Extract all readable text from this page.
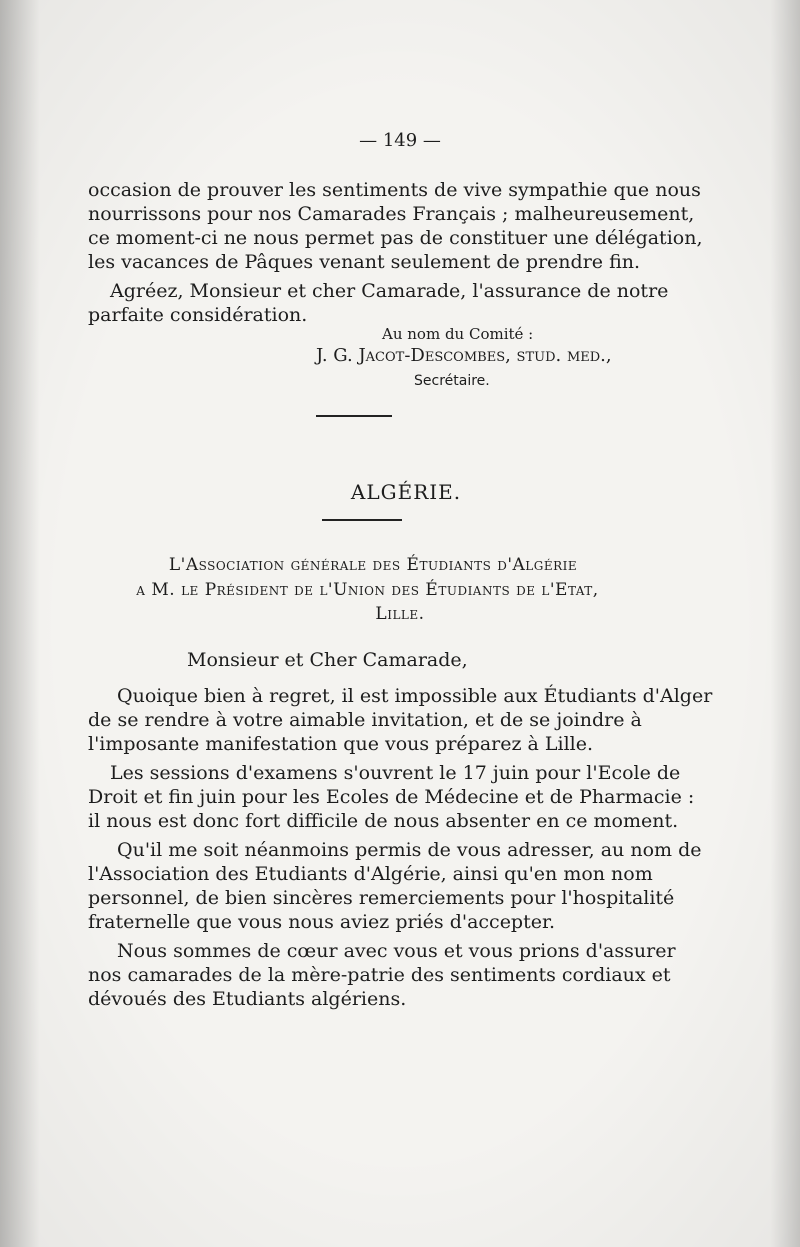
— 149 —
occasion de prouver les sentiments de vive sympathie que nous
nourrissons pour nos Camarades Français ; malheureusement,
ce moment-ci ne nous permet pas de constituer une délégation,
les vacances de Pâques venant seulement de prendre fin.
Agréez, Monsieur et cher Camarade, l'assurance de notre
parfaite considération.
Au nom du Comité :
J. G. Jacot-Descombes, stud. med.,
Secrétaire.
ALGÉRIE.
L'Association générale des Étudiants d'Algérie
a M. le Président de l'Union des Étudiants de l'Etat,
Lille.
Monsieur et Cher Camarade,
Quoique bien à regret, il est impossible aux Étudiants d'Alger
de se rendre à votre aimable invitation, et de se joindre à
l'imposante manifestation que vous préparez à Lille.
Les sessions d'examens s'ouvrent le 17 juin pour l'Ecole de
Droit et fin juin pour les Ecoles de Médecine et de Pharmacie :
il nous est donc fort difficile de nous absenter en ce moment.
Qu'il me soit néanmoins permis de vous adresser, au nom de
l'Association des Etudiants d'Algérie, ainsi qu'en mon nom
personnel, de bien sincères remerciements pour l'hospitalité
fraternelle que vous nous aviez priés d'accepter.
Nous sommes de cœur avec vous et vous prions d'assurer
nos camarades de la mère-patrie des sentiments cordiaux et
dévoués des Etudiants algériens.
